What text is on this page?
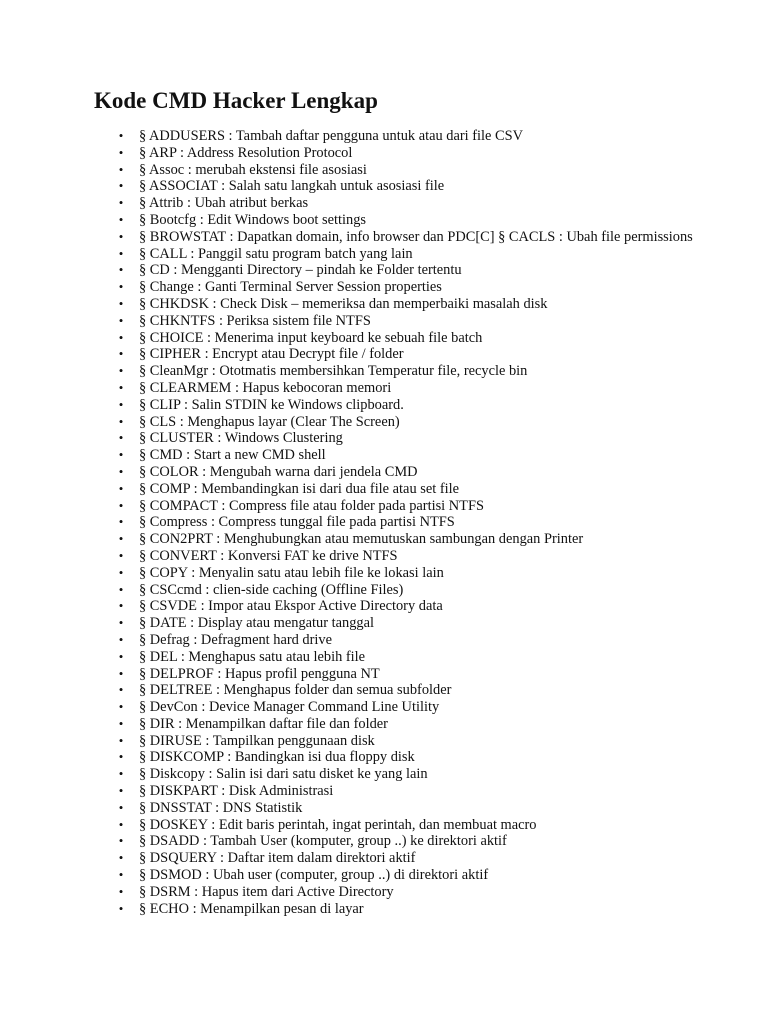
Kode CMD Hacker Lengkap
• § ADDUSERS : Tambah daftar pengguna untuk atau dari file CSV
• § ARP : Address Resolution Protocol
• § Assoc : merubah ekstensi file asosiasi
• § ASSOCIAT : Salah satu langkah untuk asosiasi file
• § Attrib : Ubah atribut berkas
• § Bootcfg : Edit Windows boot settings
• § BROWSTAT : Dapatkan domain, info browser dan PDC[C] § CACLS : Ubah file permissions
• § CALL : Panggil satu program batch yang lain
• § CD : Mengganti Directory – pindah ke Folder tertentu
• § Change : Ganti Terminal Server Session properties
• § CHKDSK : Check Disk – memeriksa dan memperbaiki masalah disk
• § CHKNTFS : Periksa sistem file NTFS
• § CHOICE : Menerima input keyboard ke sebuah file batch
• § CIPHER : Encrypt atau Decrypt file / folder
• § CleanMgr : Ototmatis membersihkan Temperatur file, recycle bin
• § CLEARMEM : Hapus kebocoran memori
• § CLIP : Salin STDIN ke Windows clipboard.
• § CLS : Menghapus layar (Clear The Screen)
• § CLUSTER : Windows Clustering
• § CMD : Start a new CMD shell
• § COLOR : Mengubah warna dari jendela CMD
• § COMP : Membandingkan isi dari dua file atau set file
• § COMPACT : Compress file atau folder pada partisi NTFS
• § Compress : Compress tunggal file pada partisi NTFS
• § CON2PRT : Menghubungkan atau memutuskan sambungan dengan Printer
• § CONVERT : Konversi FAT ke drive NTFS
• § COPY : Menyalin satu atau lebih file ke lokasi lain
• § CSCcmd : clien-side caching (Offline Files)
• § CSVDE : Impor atau Ekspor Active Directory data
• § DATE : Display atau mengatur tanggal
• § Defrag : Defragment hard drive
• § DEL : Menghapus satu atau lebih file
• § DELPROF : Hapus profil pengguna NT
• § DELTREE : Menghapus folder dan semua subfolder
• § DevCon : Device Manager Command Line Utility
• § DIR : Menampilkan daftar file dan folder
• § DIRUSE : Tampilkan penggunaan disk
• § DISKCOMP : Bandingkan isi dua floppy disk
• § Diskcopy : Salin isi dari satu disket ke yang lain
• § DISKPART : Disk Administrasi
• § DNSSTAT : DNS Statistik
• § DOSKEY : Edit baris perintah, ingat perintah, dan membuat macro
• § DSADD : Tambah User (komputer, group ..) ke direktori aktif
• § DSQUERY : Daftar item dalam direktori aktif
• § DSMOD : Ubah user (computer, group ..) di direktori aktif
• § DSRM : Hapus item dari Active Directory
• § ECHO : Menampilkan pesan di layar
